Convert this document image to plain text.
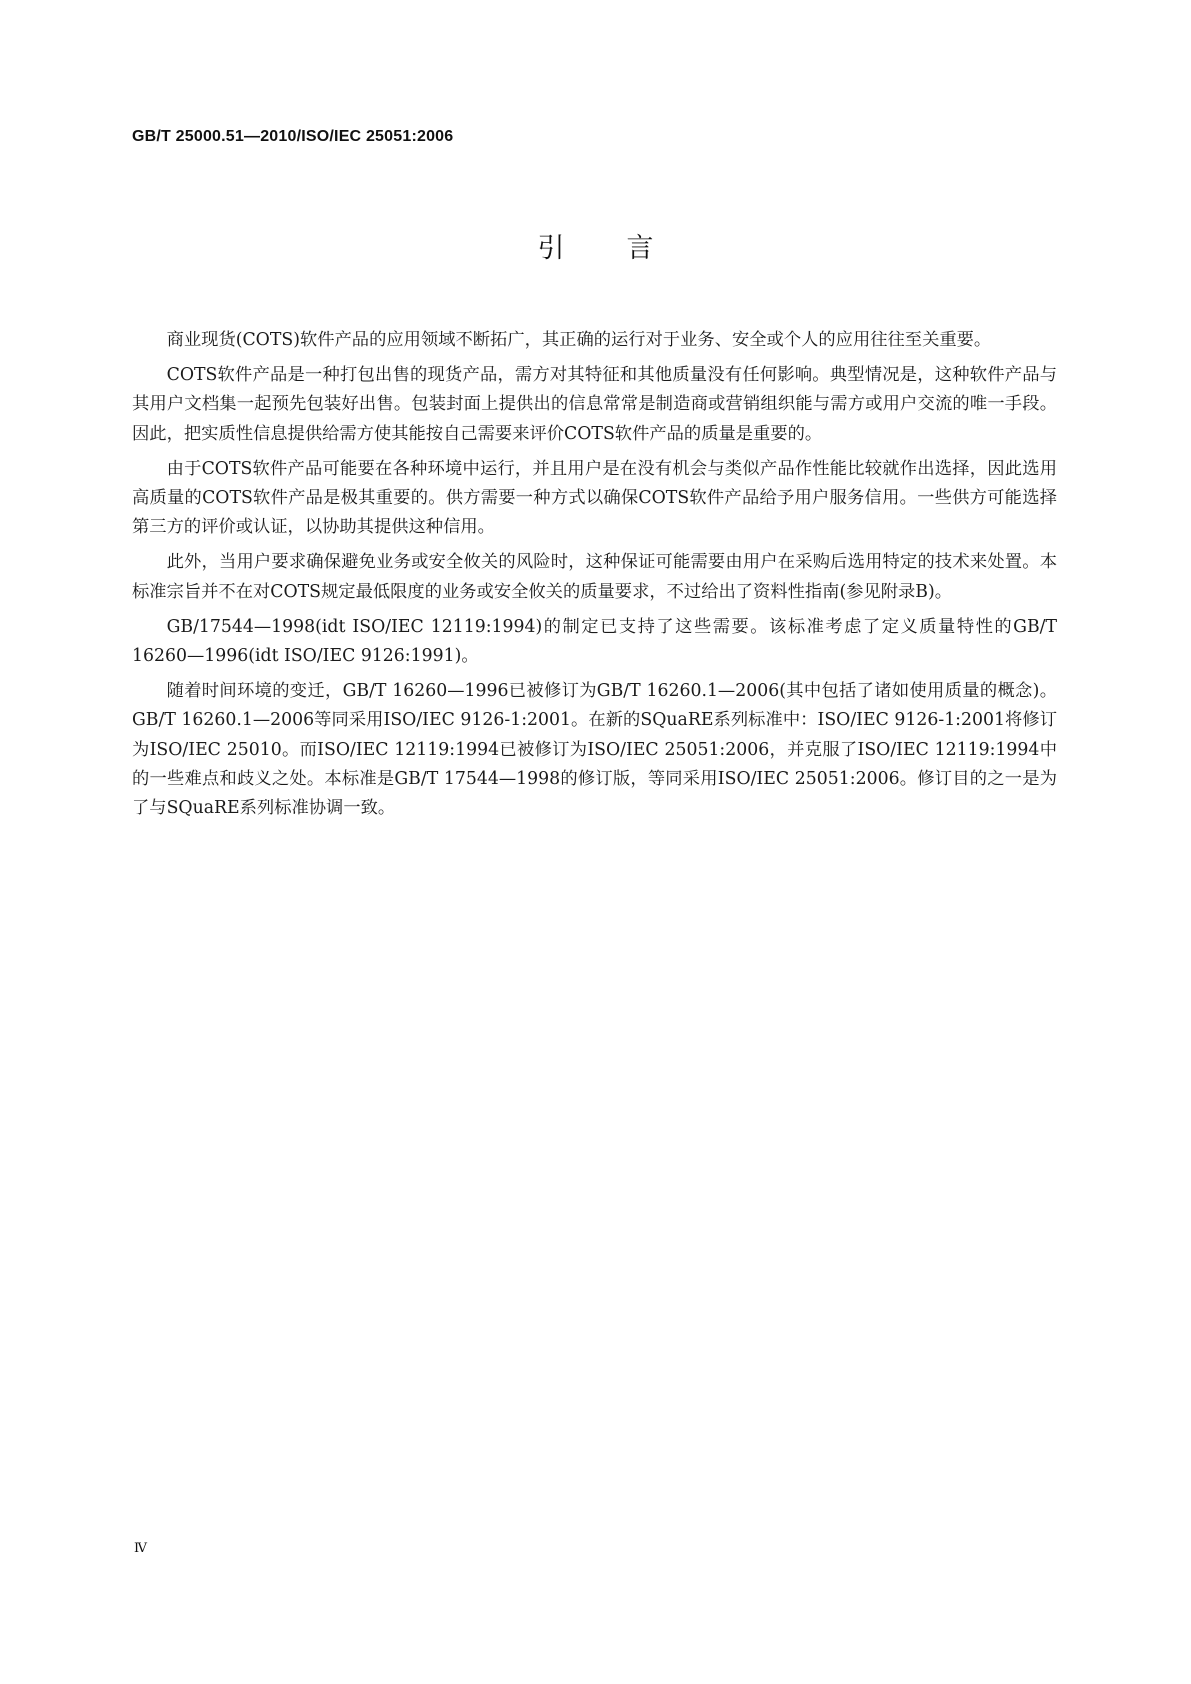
GB/T 25000.51—2010/ISO/IEC 25051:2006
引言

商业现货(COTS)软件产品的应用领域不断拓广，其正确的运行对于业务、安全或个人的应用往往至关重要。

COTS软件产品是一种打包出售的现货产品，需方对其特征和其他质量没有任何影响。典型情况是，这种软件产品与其用户文档集一起预先包装好出售。包装封面上提供出的信息常常是制造商或营销组织能与需方或用户交流的唯一手段。因此，把实质性信息提供给需方使其能按自己需要来评价COTS软件产品的质量是重要的。

由于COTS软件产品可能要在各种环境中运行，并且用户是在没有机会与类似产品作性能比较就作出选择，因此选用高质量的COTS软件产品是极其重要的。供方需要一种方式以确保COTS软件产品给予用户服务信用。一些供方可能选择第三方的评价或认证，以协助其提供这种信用。

此外，当用户要求确保避免业务或安全攸关的风险时，这种保证可能需要由用户在采购后选用特定的技术来处置。本标准宗旨并不在对COTS规定最低限度的业务或安全攸关的质量要求，不过给出了资料性指南(参见附录B)。

GB/17544—1998(idt ISO/IEC 12119:1994)的制定已支持了这些需要。该标准考虑了定义质量特性的GB/T 16260—1996(idt ISO/IEC 9126:1991)。

随着时间环境的变迁，GB/T 16260—1996已被修订为GB/T 16260.1—2006(其中包括了诸如使用质量的概念)。GB/T 16260.1—2006等同采用ISO/IEC 9126-1:2001。在新的SQuaRE系列标准中：ISO/IEC 9126-1:2001将修订为ISO/IEC 25010。而ISO/IEC 12119:1994已被修订为ISO/IEC 25051:2006，并克服了ISO/IEC 12119:1994中的一些难点和歧义之处。本标准是GB/T 17544—1998的修订版，等同采用ISO/IEC 25051:2006。修订目的之一是为了与SQuaRE系列标准协调一致。

Ⅳ
